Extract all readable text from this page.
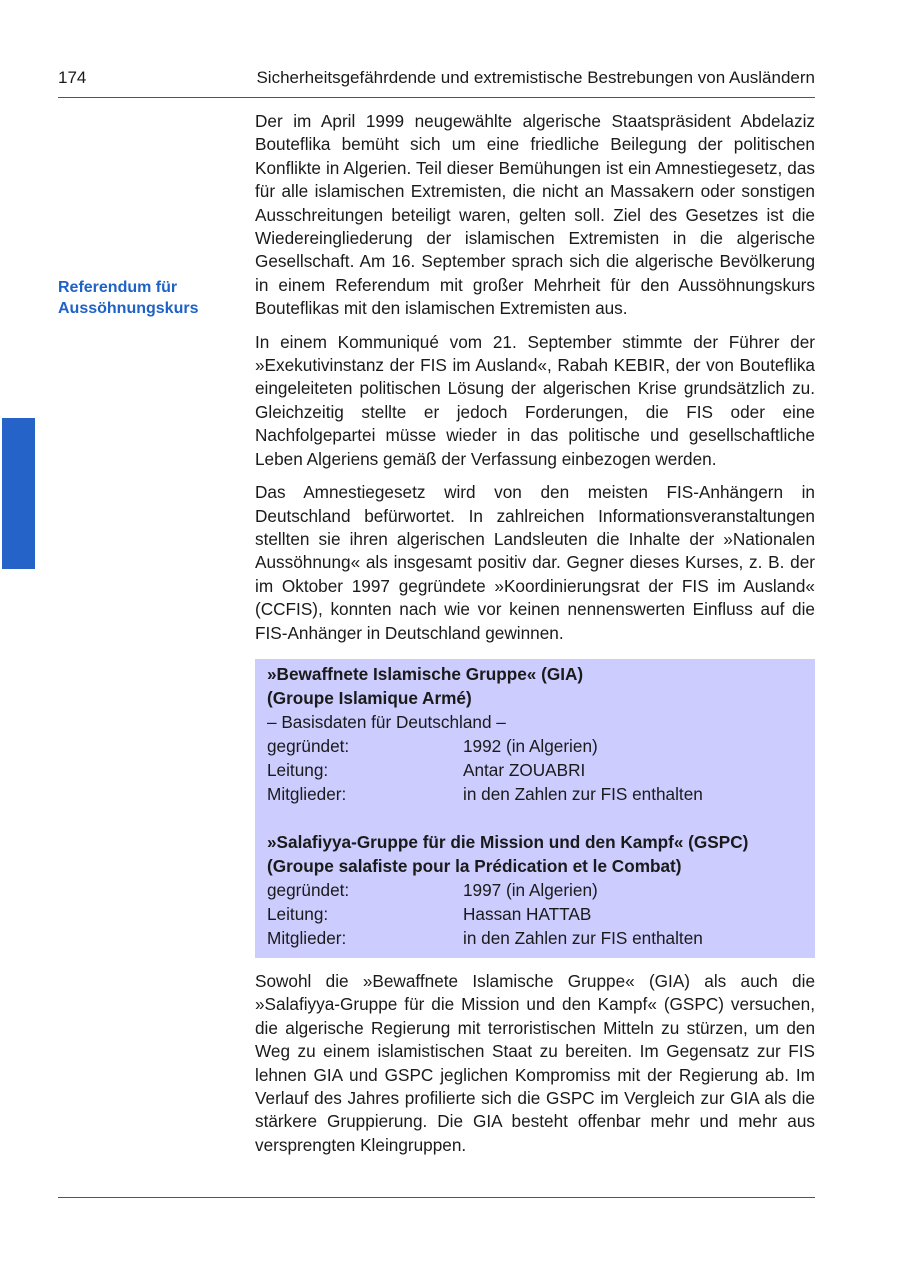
174	Sicherheitsgefährdende und extremistische Bestrebungen von Ausländern
Referendum für
Aussöhnungskurs

Der im April 1999 neugewählte algerische Staatspräsident Abdelaziz Bouteflika bemüht sich um eine friedliche Beilegung der politischen Konflikte in Algerien. Teil dieser Bemühungen ist ein Amnestiegesetz, das für alle islamischen Extremisten, die nicht an Massakern oder sonstigen Ausschreitungen beteiligt waren, gelten soll. Ziel des Gesetzes ist die Wiedereingliederung der islamischen Extremisten in die algerische Gesellschaft. Am 16. September sprach sich die algerische Bevölkerung in einem Referendum mit großer Mehrheit für den Aussöhnungskurs Bouteflikas mit den islamischen Extremisten aus.

In einem Kommuniqué vom 21. September stimmte der Führer der »Exekutivinstanz der FIS im Ausland«, Rabah KEBIR, der von Bouteflika eingeleiteten politischen Lösung der algerischen Krise grundsätzlich zu. Gleichzeitig stellte er jedoch Forderungen, die FIS oder eine Nachfolgepartei müsse wieder in das politische und gesellschaftliche Leben Algeriens gemäß der Verfassung einbezogen werden.

Das Amnestiegesetz wird von den meisten FIS-Anhängern in Deutschland befürwortet. In zahlreichen Informationsveranstaltungen stellten sie ihren algerischen Landsleuten die Inhalte der »Nationalen Aussöhnung« als insgesamt positiv dar. Gegner dieses Kurses, z. B. der im Oktober 1997 gegründete »Koordinierungsrat der FIS im Ausland« (CCFIS), konnten nach wie vor keinen nennenswerten Einfluss auf die FIS-Anhänger in Deutschland gewinnen.

»Bewaffnete Islamische Gruppe« (GIA)
(Groupe Islamique Armé)
– Basisdaten für Deutschland –
gegründet:	1992 (in Algerien)
Leitung:	Antar ZOUABRI
Mitglieder:	in den Zahlen zur FIS enthalten
»Salafiyya-Gruppe für die Mission und den Kampf« (GSPC)
(Groupe salafiste pour la Prédication et le Combat)
gegründet:	1997 (in Algerien)
Leitung:	Hassan HATTAB
Mitglieder:	in den Zahlen zur FIS enthalten

Sowohl die »Bewaffnete Islamische Gruppe« (GIA) als auch die »Salafiyya-Gruppe für die Mission und den Kampf« (GSPC) versuchen, die algerische Regierung mit terroristischen Mitteln zu stürzen, um den Weg zu einem islamistischen Staat zu bereiten. Im Gegensatz zur FIS lehnen GIA und GSPC jeglichen Kompromiss mit der Regierung ab. Im Verlauf des Jahres profilierte sich die GSPC im Vergleich zur GIA als die stärkere Gruppierung. Die GIA besteht offenbar mehr und mehr aus versprengten Kleingruppen.
